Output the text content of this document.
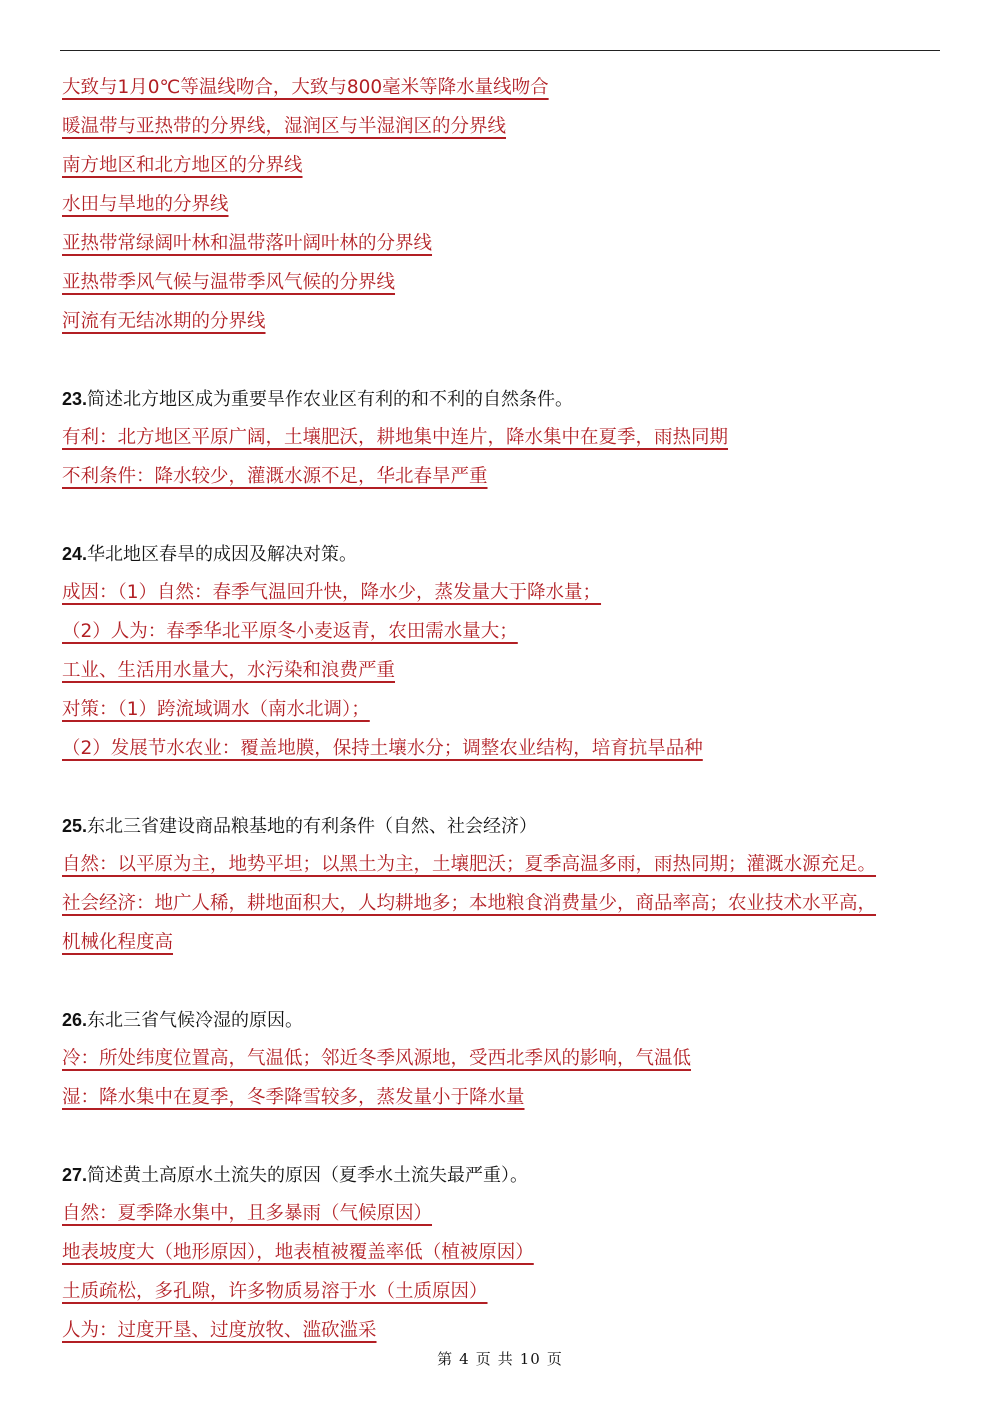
大致与1月0℃等温线吻合，大致与800毫米等降水量线吻合
暖温带与亚热带的分界线，湿润区与半湿润区的分界线
南方地区和北方地区的分界线
水田与旱地的分界线
亚热带常绿阔叶林和温带落叶阔叶林的分界线
亚热带季风气候与温带季风气候的分界线
河流有无结冰期的分界线
23.简述北方地区成为重要旱作农业区有利的和不利的自然条件。
有利：北方地区平原广阔，土壤肥沃，耕地集中连片，降水集中在夏季，雨热同期
不利条件：降水较少，灌溉水源不足，华北春旱严重
24.华北地区春旱的成因及解决对策。
成因：（1）自然：春季气温回升快，降水少，蒸发量大于降水量；
（2）人为：春季华北平原冬小麦返青，农田需水量大；
工业、生活用水量大，水污染和浪费严重
对策：（1）跨流域调水（南水北调）；
（2）发展节水农业：覆盖地膜，保持土壤水分；调整农业结构，培育抗旱品种
25.东北三省建设商品粮基地的有利条件（自然、社会经济）
自然：以平原为主，地势平坦；以黑土为主，土壤肥沃；夏季高温多雨，雨热同期；灌溉水源充足。
社会经济：地广人稀，耕地面积大，人均耕地多；本地粮食消费量少，商品率高；农业技术水平高，
机械化程度高
26.东北三省气候冷湿的原因。
冷：所处纬度位置高，气温低；邻近冬季风源地，受西北季风的影响，气温低
湿：降水集中在夏季，冬季降雪较多，蒸发量小于降水量
27.简述黄土高原水土流失的原因（夏季水土流失最严重）。
自然：夏季降水集中，且多暴雨（气候原因）
地表坡度大（地形原因），地表植被覆盖率低（植被原因）
土质疏松，多孔隙，许多物质易溶于水（土质原因）
人为：过度开垦、过度放牧、滥砍滥采
第 4 页 共 10 页
